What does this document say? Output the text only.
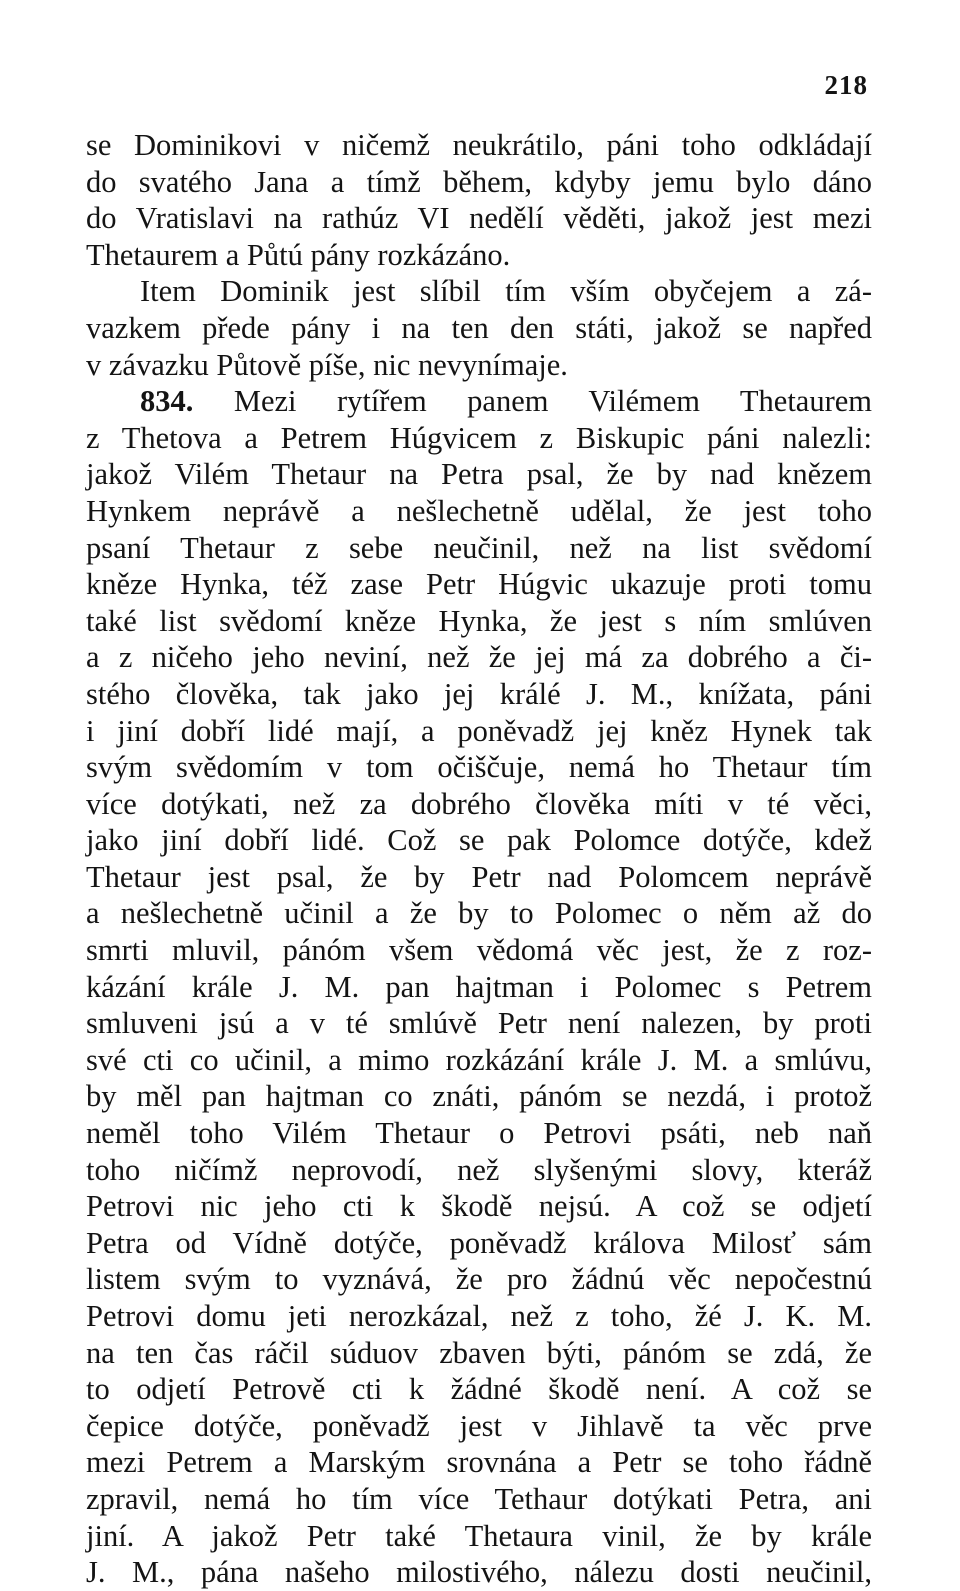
218
se Dominikovi v ničemž neukrátilo, páni toho odkládají
do svatého Jana a tímž během, kdyby jemu bylo dáno
do Vratislavi na rathúz VI nedělí věděti, jakož jest mezi
Thetaurem a Půtú pány rozkázáno.
Item Dominik jest slíbil tím vším obyčejem a zá-
vazkem přede pány i na ten den státi, jakož se napřed
v závazku Půtově píše, nic nevynímaje.
834. Mezi rytířem panem Vilémem Thetaurem
z Thetova a Petrem Húgvicem z Biskupic páni nalezli:
jakož Vilém Thetaur na Petra psal, že by nad knězem
Hynkem neprávě a nešlechetně udělal, že jest toho
psaní Thetaur z sebe neučinil, než na list svědomí
kněze Hynka, též zase Petr Húgvic ukazuje proti tomu
také list svědomí kněze Hynka, že jest s ním smlúven
a z ničeho jeho neviní, než že jej má za dobrého a či-
stého člověka, tak jako jej králé J. M., knížata, páni
i jiní dobří lidé mají, a poněvadž jej kněz Hynek tak
svým svědomím v tom očiščuje, nemá ho Thetaur tím
více dotýkati, než za dobrého člověka míti v té věci,
jako jiní dobří lidé. Což se pak Polomce dotýče, kdež
Thetaur jest psal, že by Petr nad Polomcem neprávě
a nešlechetně učinil a že by to Polomec o něm až do
smrti mluvil, pánóm všem vědomá věc jest, že z roz-
kázání krále J. M. pan hajtman i Polomec s Petrem
smluveni jsú a v té smlúvě Petr není nalezen, by proti
své cti co učinil, a mimo rozkázání krále J. M. a smlúvu,
by měl pan hajtman co znáti, pánóm se nezdá, i protož
neměl toho Vilém Thetaur o Petrovi psáti, neb naň
toho ničímž neprovodí, než slyšenými slovy, kteráž
Petrovi nic jeho cti k škodě nejsú. A což se odjetí
Petra od Vídně dotýče, poněvadž králova Milosť sám
listem svým to vyznává, že pro žádnú věc nepočestnú
Petrovi domu jeti nerozkázal, než z toho, žé J. K. M.
na ten čas ráčil súduov zbaven býti, pánóm se zdá, že
to odjetí Petrově cti k žádné škodě není. A což se
čepice dotýče, poněvadž jest v Jihlavě ta věc prve
mezi Petrem a Marským srovnána a Petr se toho řádně
zpravil, nemá ho tím více Tethaur dotýkati Petra, ani
jiní. A jakož Petr také Thetaura vinil, že by krále
J. M., pána našeho milostivého, nálezu dosti neučinil,
